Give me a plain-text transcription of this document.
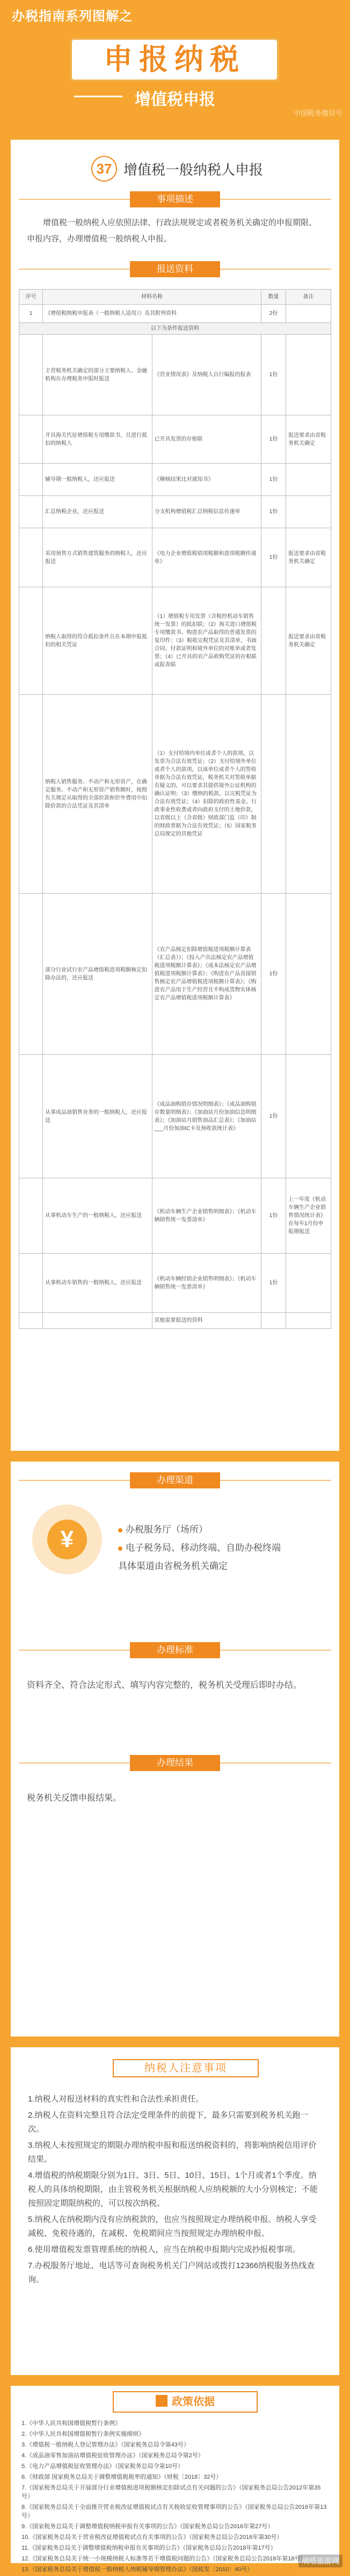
办税指南系列图解之
申报纳税
增值税申报
中国税务微信号
37 增值税一般纳税人申报
事项描述
增值税一般纳税人应依照法律、行政法规规定或者税务机关确定的申报期限、申报内容，办理增值税一般纳税人申报。
报送资料
序号	材料名称		数量	备注
1	《增值税纳税申报表（一般纳税人适用）》及其附列资料		2份	
以下为条件报送资料				
	主营税务机关确定的部分主要纳税人、金融机构在办理税务申报时报送	《营业情况表》及纳税人自行编报的报表	1份	
	开具海关代征增值税专用缴款书，且进行抵扣的纳税人	已开具发票的存根联	1份	报送要求由省税务机关确定
	辅导期一般纳税人，还应报送	《稽核结果比对通知书》	1份	
	汇总纳税企业，还应报送	分支机构增值税汇总纳税信息传递单	1份	
	采用预售方式销售建筑服务的纳税人，还应报送	《电力企业增值税销项税额和进项税额传递单》	1份	报送要求由省税务机关确定
	纳税人取得的符合抵扣条件且在本期申报抵扣的相关凭证	（1）增值税专用发票（含税控机动车销售统一发票）的抵扣联；（2）海关进口增值税专用缴款书、购进农产品取得的普通发票的复印件；（3）税收完税凭证及其清单，书面合同、付款证明和境外单位的对账单或者发票；（4）已开具的农产品收购凭证的存根联或报查联		报送要求由省税务机关确定
	纳税人销售服务、不动产和无形资产，在确定服务、不动产和无形资产销售额时，按照有关规定从取得的全部价款和价外费用中扣除价款的合法凭证及其清单	（1）支付给境内单位或者个人的款项，以发票为合法有效凭证；（2）支付给境外单位或者个人的款项，以该单位或者个人的签收单据为合法有效凭证，税务机关对签收单据有疑义的，可以要求其提供境外公证机构的确认证明；（3）缴纳的税款，以完税凭证为合法有效凭证；（4）扣除的政府性基金、行政事业性收费或者向政府支付的土地价款，以省级以上（含省级）财政部门监（印）制的财政票据为合法有效凭证；（5）国家税务总局规定的其他凭证		
	部分行业试行农产品增值税进项税额核定扣除办法的，还应报送	《农产品核定扣除增值税进项税额计算表（汇总表）》；《投入产出法核定农产品增值税进项税额计算表》；《成本法核定农产品增值税进项税额计算表》；《购进农产品直接销售核定农产品增值税进项税额计算表》；《购进农产品用于生产经营且不构成货物实体核定农产品增值税进项税额计算表》	1份	
	从事成品油销售业务的一般纳税人，还应报送	《成品油购销存情况明细表》；《成品油购销存数量明细表》；《加油站月份加油信息明细表》；《加油站月销售油品汇总表》；《加油站___月份加油IC卡及预收款统计表》	1份	
	从事机动车生产的一般纳税人，还应报送	《机动车辆生产企业销售明细表》；《机动车辆销售统一发票清单》	1份	上一年度《机动车辆生产企业销售情况统计表》在每年1月份申报期报送
	从事机动车销售的一般纳税人，还应报送	《机动车辆经销企业销售明细表》；《机动车辆销售统一发票清单》	1份	
		其他需要报送的资料		
办理渠道
¥	办税服务厅（场所）
电子税务局、移动终端、自助办税终端
具体渠道由省税务机关确定
办理标准
资料齐全、符合法定形式、填写内容完整的，税务机关受理后即时办结。
办理结果
税务机关反馈申报结果。
纳税人注意事项

1.纳税人对报送材料的真实性和合法性承担责任。

2.纳税人在资料完整且符合法定受理条件的前提下，最多只需要到税务机关跑一次。

3.纳税人未按照规定的期限办理纳税申报和报送纳税资料的，将影响纳税信用评价结果。

4.增值税的纳税期限分别为1日、3日、5日、10日、15日、1个月或者1个季度。纳税人的具体纳税期限，由主管税务机关根据纳税人应纳税额的大小分别核定；不能按照固定期限纳税的，可以按次纳税。

5.纳税人在纳税期内没有应纳税款的，也应当按照规定办理纳税申报。纳税人享受减税、免税待遇的，在减税、免税期间应当按照规定办理纳税申报。

6.使用增值税发票管理系统的纳税人，应当在纳税申报期内完成抄报税事项。

7.办税服务厅地址、电话等可查询税务机关门户网站或拨打12366纳税服务热线查询。

政策依据

1.《中华人民共和国增值税暂行条例》

2.《中华人民共和国增值税暂行条例实施细则》

3.《增值税一般纳税人登记管理办法》（国家税务总局令第43号）

4.《成品油零售加油站增值税征收管理办法》（国家税务总局令第2号）

5.《电力产品增值税征收管理办法》（国家税务总局令第10号）

6.《财政部 国家税务总局关于调整增值税税率的通知》（财税〔2018〕32号）

7.《国家税务总局关于开展部分行业增值税进项税额核定扣除试点有关问题的公告》（国家税务总局公告2012年第35号）

8.《国家税务总局关于全面推开营业税改征增值税试点有关税收征收管理事项的公告》（国家税务总局公告2016年第13号）

9.《国家税务总局关于调整增值税纳税申报有关事项的公告》（国家税务总局公告2016年第27号）

10.《国家税务总局关于营业税改征增值税试点有关事项的公告》（国家税务总局公告2016年第30号）

11.《国家税务总局关于调整增值税纳税申报有关事项的公告》（国家税务总局公告2018年第17号）

12.《国家税务总局关于统一小规模纳税人标准等若干增值税问题的公告》（国家税务总局公告2018年第18号）

13.《国家税务总局关于增值税一般纳税人纳税辅导期管理办法》（国税发〔2010〕40号）

嘀嗒旅游网
